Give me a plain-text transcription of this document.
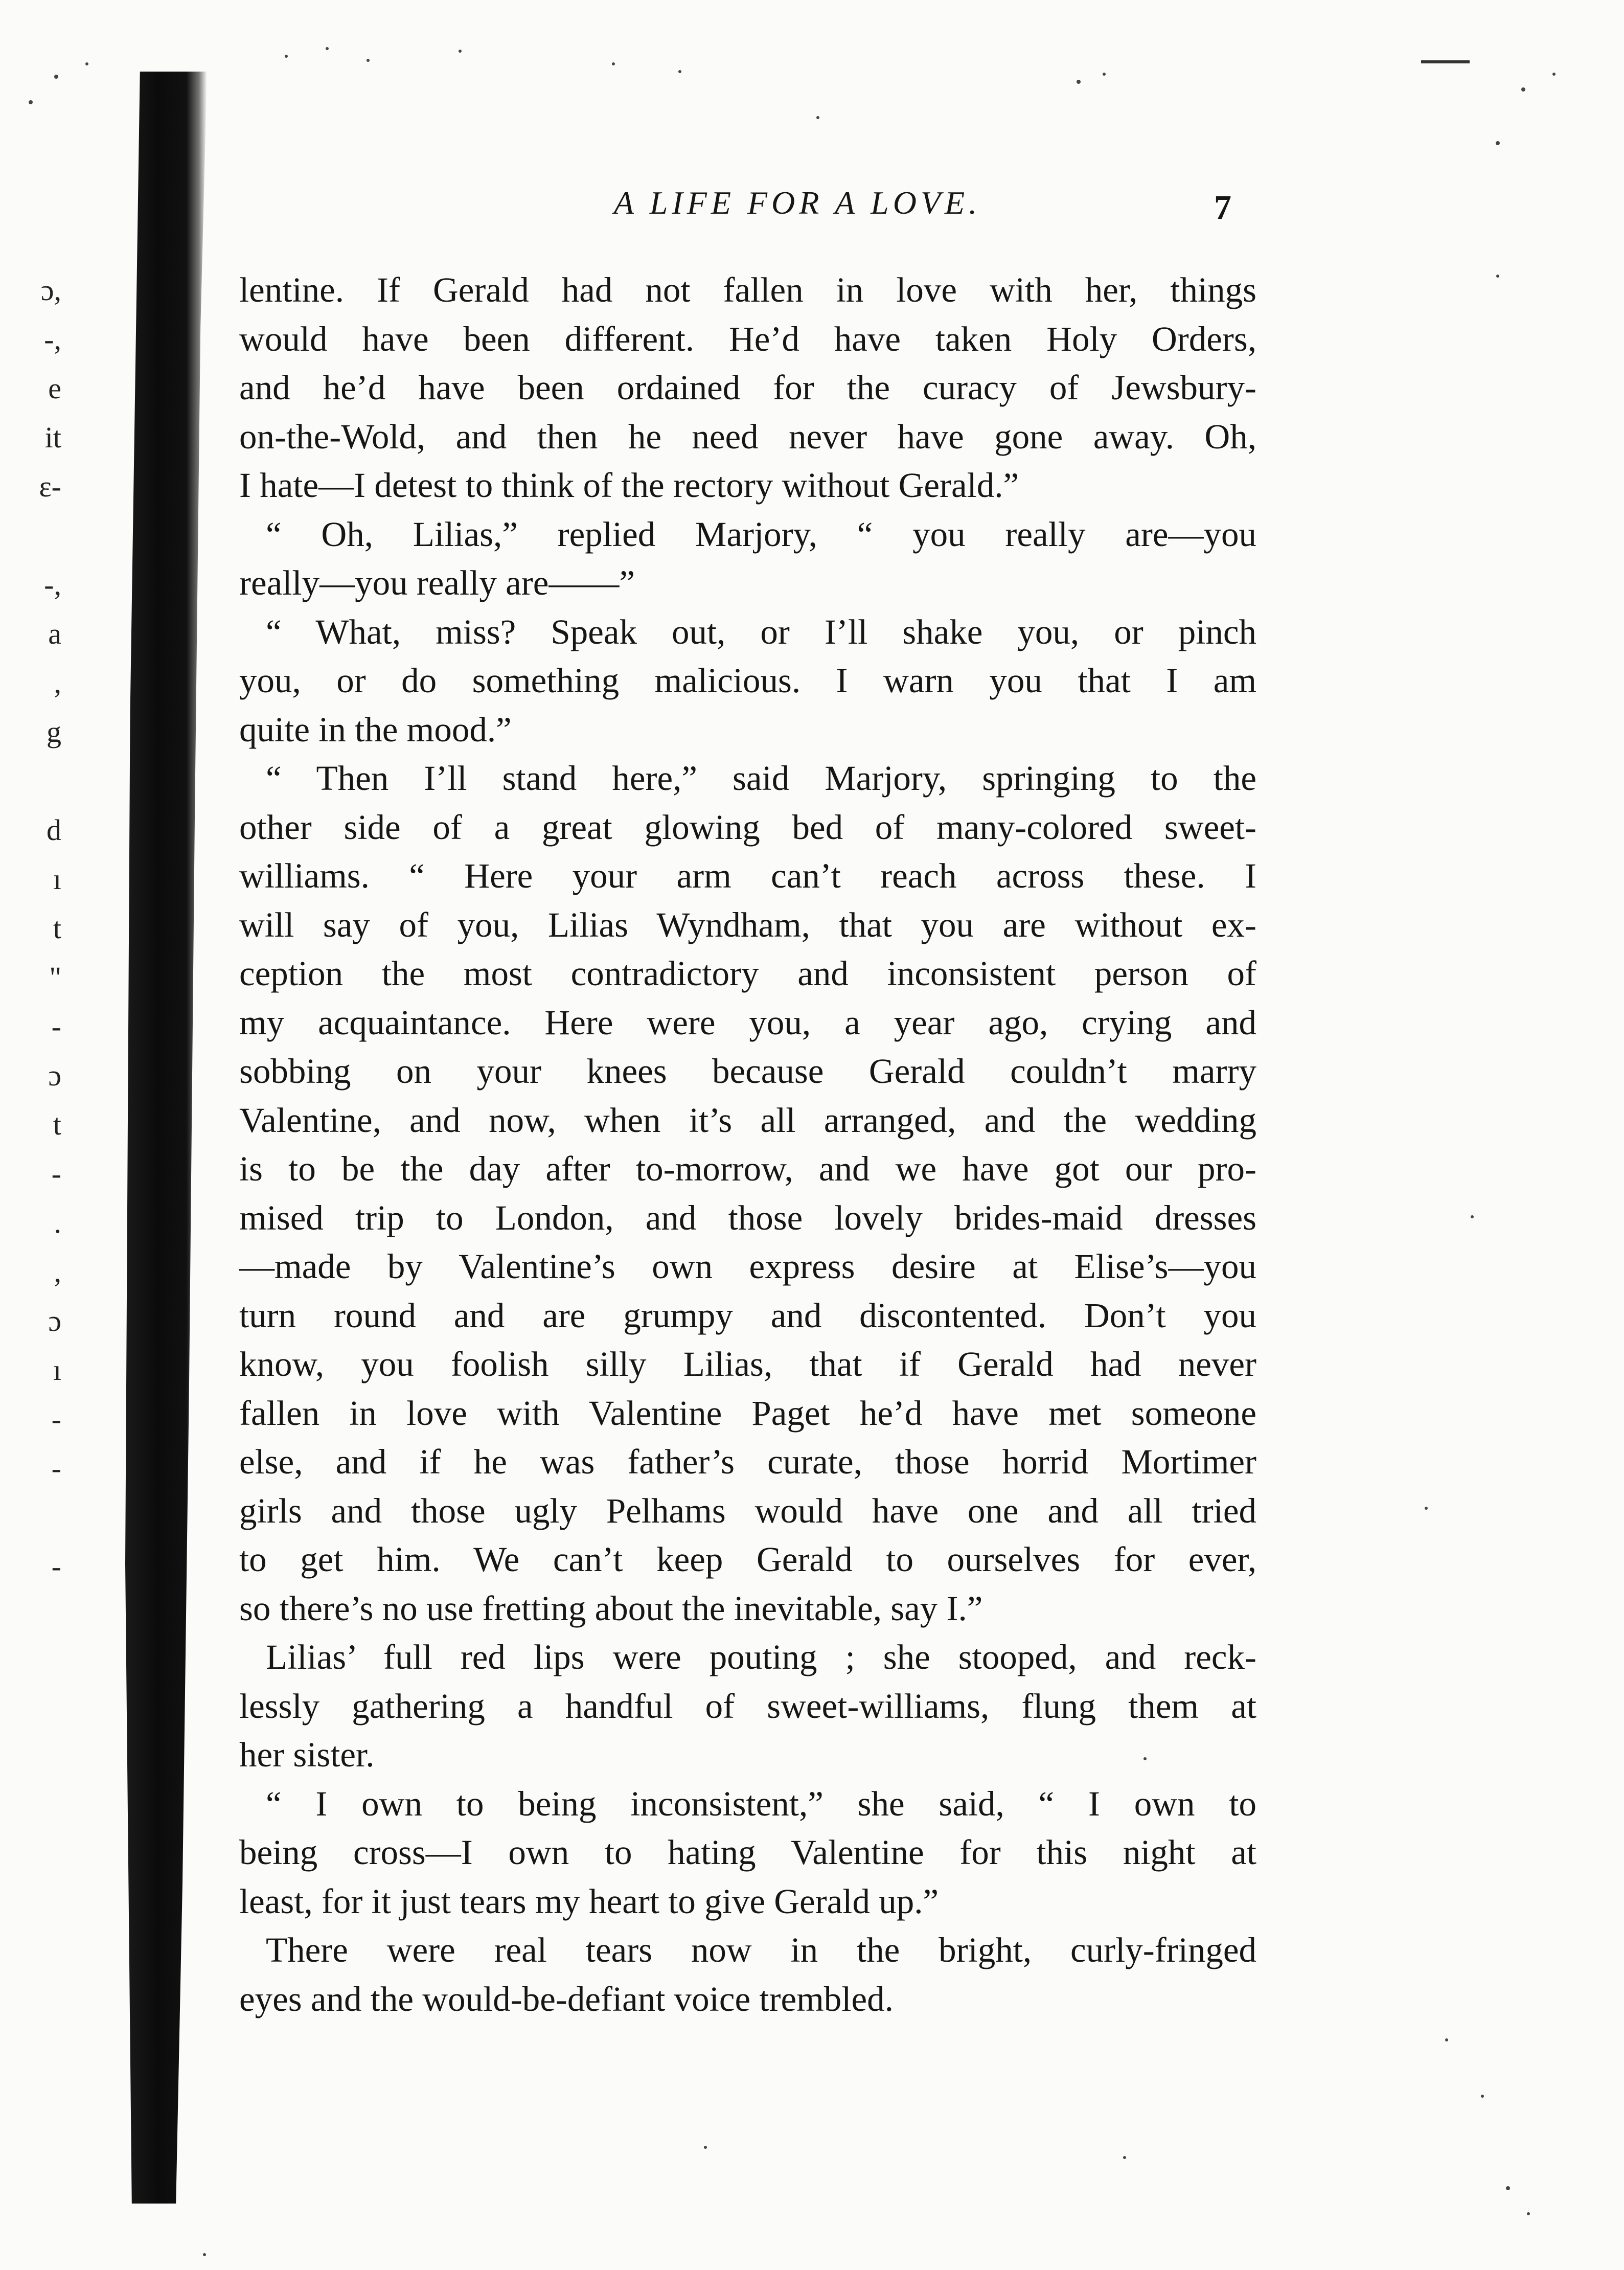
ɔ,
-,
e
it
ɛ-
-,
a
,
g
d
ı
t
"
-
ɔ
t
-
.
,
ɔ
ı
-
-
-
A LIFE FOR A LOVE.	7
lentine. If Gerald had not fallen in love with her, things
would have been different. He’d have taken Holy Orders,
and he’d have been ordained for the curacy of Jewsbury-
on-the-Wold, and then he need never have gone away. Oh,
I hate—I detest to think of the rectory without Gerald.”
“ Oh, Lilias,” replied Marjory, “ you really are—you
really—you really are——”
“ What, miss? Speak out, or I’ll shake you, or pinch
you, or do something malicious. I warn you that I am
quite in the mood.”
“ Then I’ll stand here,” said Marjory, springing to the
other side of a great glowing bed of many-colored sweet-
williams. “ Here your arm can’t reach across these. I
will say of you, Lilias Wyndham, that you are without ex-
ception the most contradictory and inconsistent person of
my acquaintance. Here were you, a year ago, crying and
sobbing on your knees because Gerald couldn’t marry
Valentine, and now, when it’s all arranged, and the wedding
is to be the day after to-morrow, and we have got our pro-
mised trip to London, and those lovely brides-maid dresses
—made by Valentine’s own express desire at Elise’s—you
turn round and are grumpy and discontented. Don’t you
know, you foolish silly Lilias, that if Gerald had never
fallen in love with Valentine Paget he’d have met someone
else, and if he was father’s curate, those horrid Mortimer
girls and those ugly Pelhams would have one and all tried
to get him. We can’t keep Gerald to ourselves for ever,
so there’s no use fretting about the inevitable, say I.”
Lilias’ full red lips were pouting ; she stooped, and reck-
lessly gathering a handful of sweet-williams, flung them at
her sister.
“ I own to being inconsistent,” she said, “ I own to
being cross—I own to hating Valentine for this night at
least, for it just tears my heart to give Gerald up.”
There were real tears now in the bright, curly-fringed
eyes and the would-be-defiant voice trembled.
